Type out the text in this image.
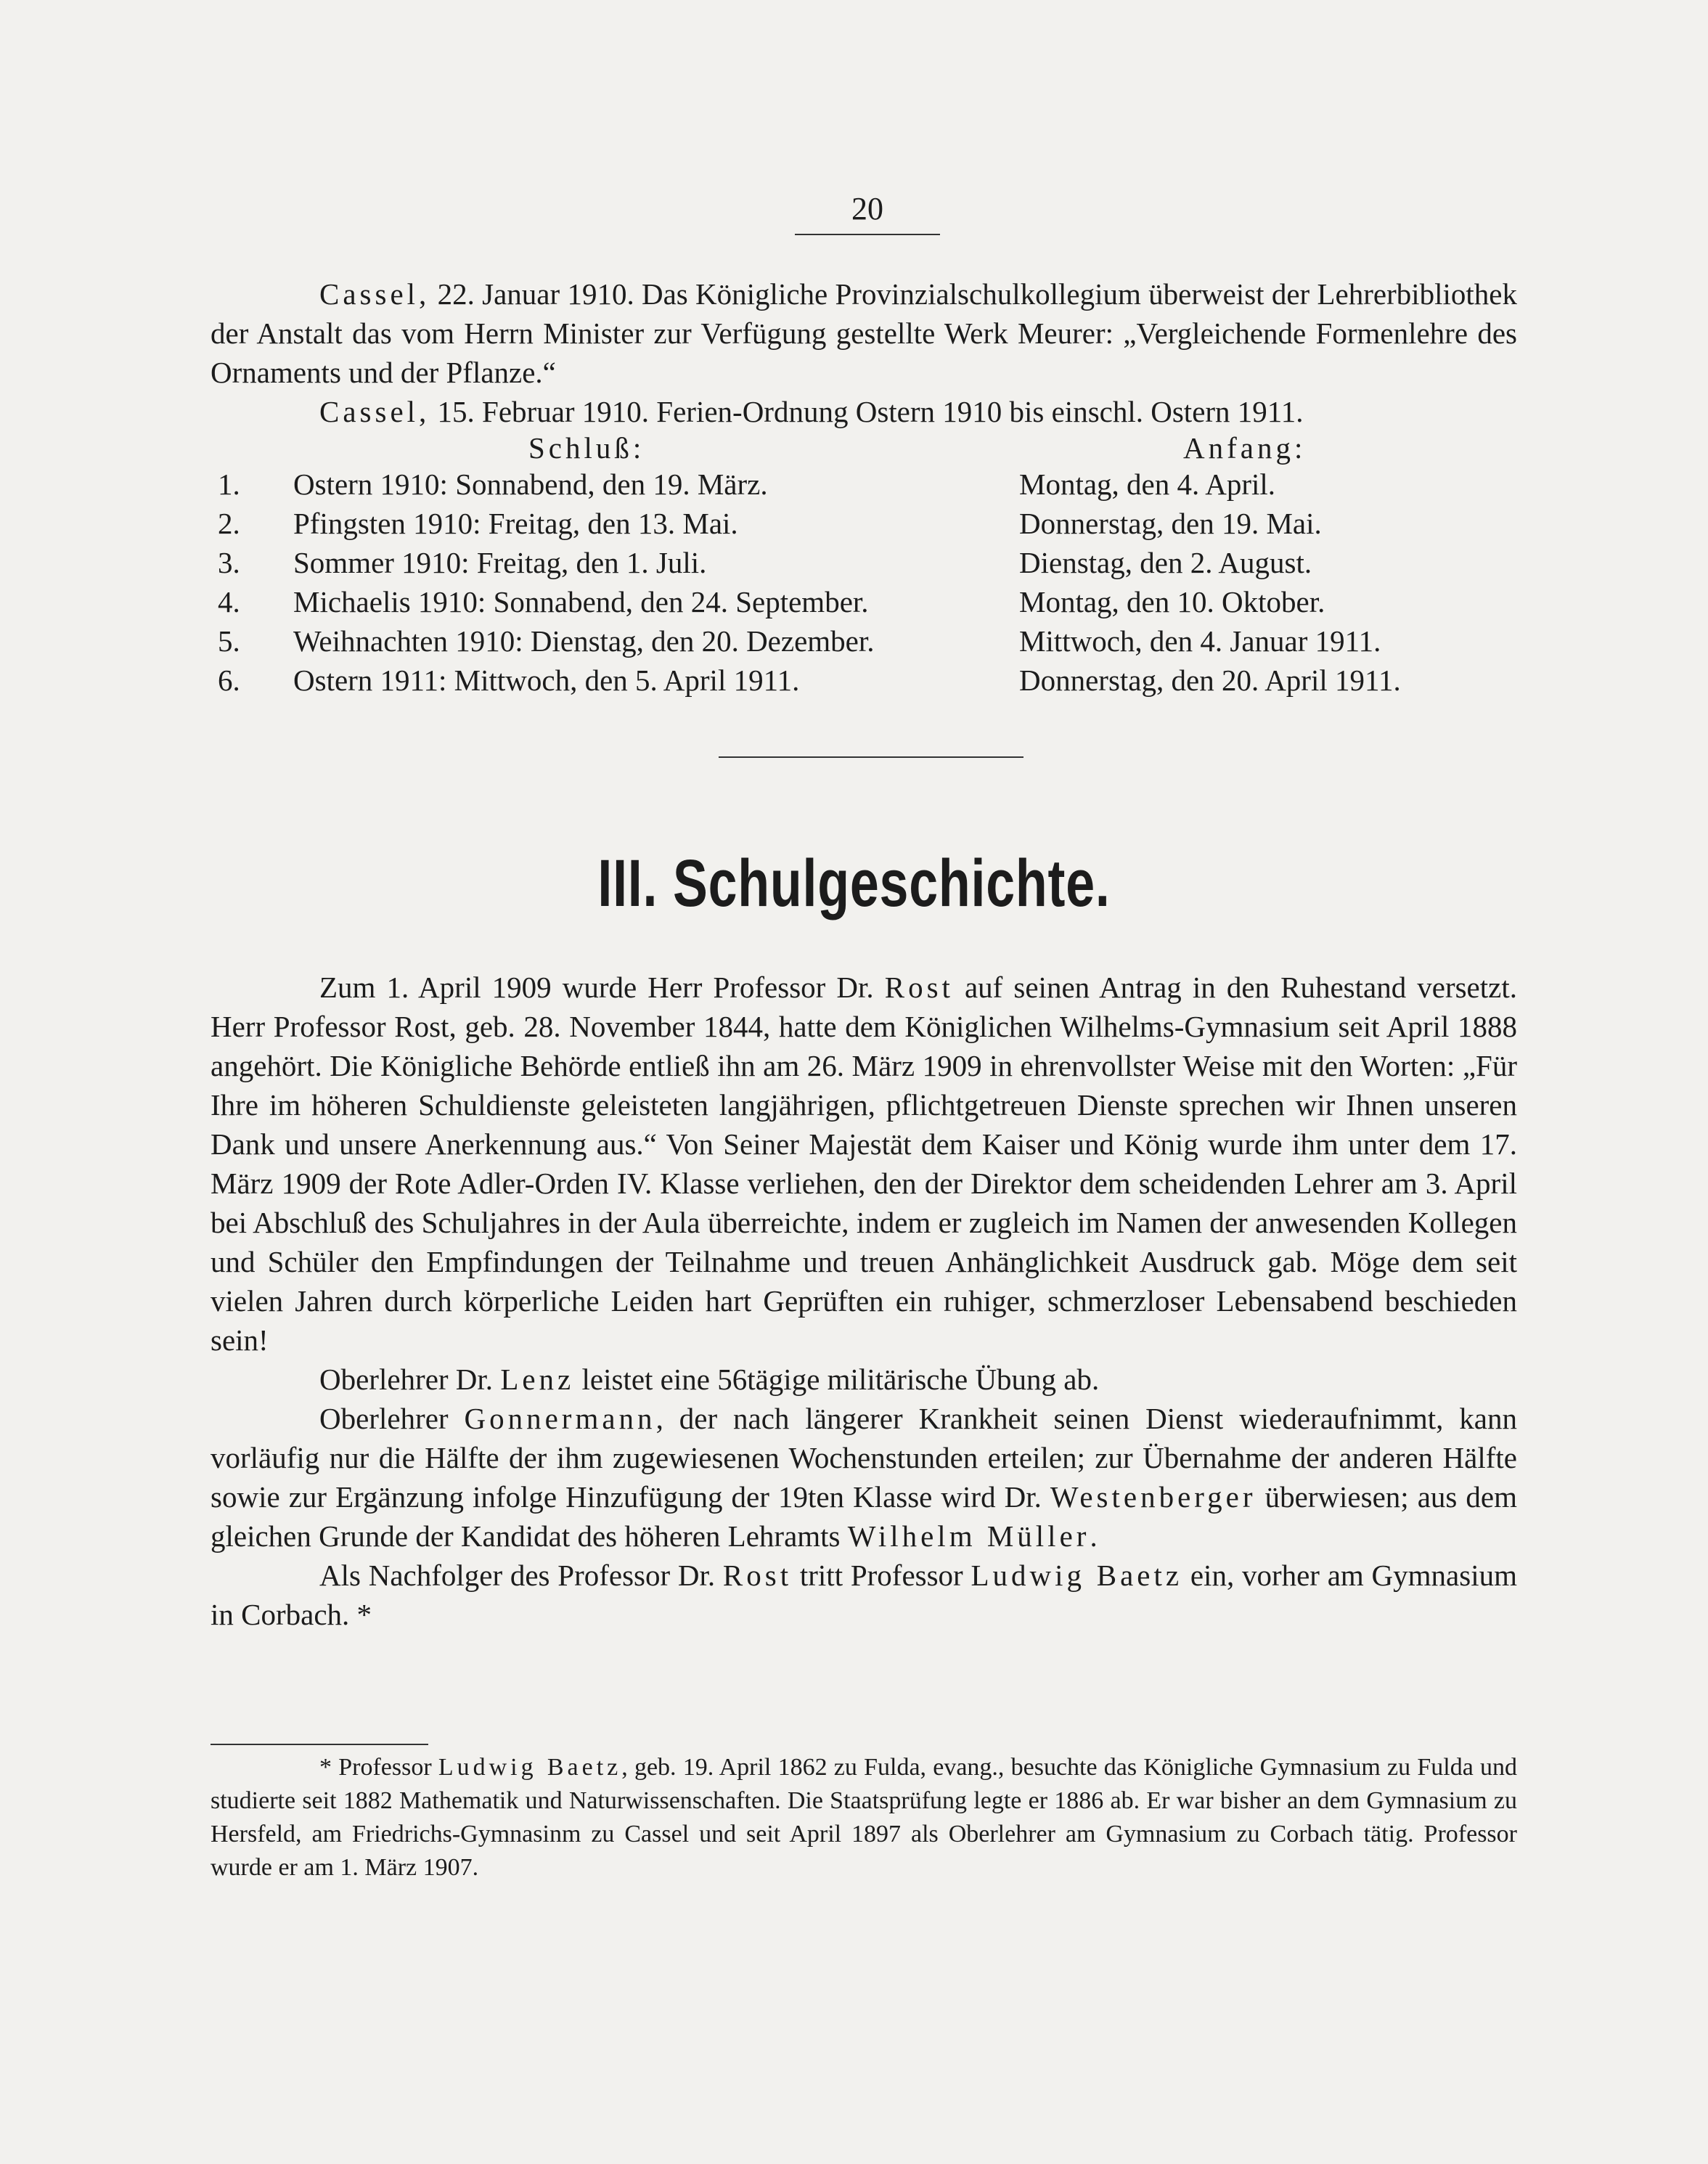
20

Cassel, 22. Januar 1910. Das Königliche Provinzialschulkollegium überweist der Lehrerbibliothek der Anstalt das vom Herrn Minister zur Verfügung gestellte Werk Meurer: „Vergleichende Formenlehre des Ornaments und der Pflanze.“

Cassel, 15. Februar 1910. Ferien-Ordnung Ostern 1910 bis einschl. Ostern 1911.

Schluß:	Anfang:
1.	Ostern 1910: Sonnabend, den 19. März.	Montag, den 4. April.
2.	Pfingsten 1910: Freitag, den 13. Mai.	Donnerstag, den 19. Mai.
3.	Sommer 1910: Freitag, den 1. Juli.	Dienstag, den 2. August.
4.	Michaelis 1910: Sonnabend, den 24. September.	Montag, den 10. Oktober.
5.	Weihnachten 1910: Dienstag, den 20. Dezember.	Mittwoch, den 4. Januar 1911.
6.	Ostern 1911: Mittwoch, den 5. April 1911.	Donnerstag, den 20. April 1911.
III. Schulgeschichte.

Zum 1. April 1909 wurde Herr Professor Dr. Rost auf seinen Antrag in den Ruhestand versetzt. Herr Professor Rost, geb. 28. November 1844, hatte dem Königlichen Wilhelms-Gymnasium seit April 1888 angehört. Die Königliche Behörde entließ ihn am 26. März 1909 in ehrenvollster Weise mit den Worten: „Für Ihre im höheren Schuldienste geleisteten langjährigen, pflichtgetreuen Dienste sprechen wir Ihnen unseren Dank und unsere Anerkennung aus.“ Von Seiner Majestät dem Kaiser und König wurde ihm unter dem 17. März 1909 der Rote Adler-Orden IV. Klasse verliehen, den der Direktor dem scheidenden Lehrer am 3. April bei Abschluß des Schuljahres in der Aula überreichte, indem er zugleich im Namen der anwesenden Kollegen und Schüler den Empfindungen der Teilnahme und treuen Anhänglichkeit Ausdruck gab. Möge dem seit vielen Jahren durch körperliche Leiden hart Geprüften ein ruhiger, schmerzloser Lebensabend beschieden sein!

Oberlehrer Dr. Lenz leistet eine 56tägige militärische Übung ab.

Oberlehrer Gonnermann, der nach längerer Krankheit seinen Dienst wiederaufnimmt, kann vorläufig nur die Hälfte der ihm zugewiesenen Wochenstunden erteilen; zur Übernahme der anderen Hälfte sowie zur Ergänzung infolge Hinzufügung der 19ten Klasse wird Dr. Westenberger überwiesen; aus dem gleichen Grunde der Kandidat des höheren Lehramts Wilhelm Müller.

Als Nachfolger des Professor Dr. Rost tritt Professor Ludwig Baetz ein, vorher am Gymnasium in Corbach. *

* Professor Ludwig Baetz, geb. 19. April 1862 zu Fulda, evang., besuchte das Königliche Gymnasium zu Fulda und studierte seit 1882 Mathematik und Naturwissenschaften. Die Staatsprüfung legte er 1886 ab. Er war bisher an dem Gymnasium zu Hersfeld, am Friedrichs-Gymnasinm zu Cassel und seit April 1897 als Oberlehrer am Gymnasium zu Corbach tätig. Professor wurde er am 1. März 1907.
